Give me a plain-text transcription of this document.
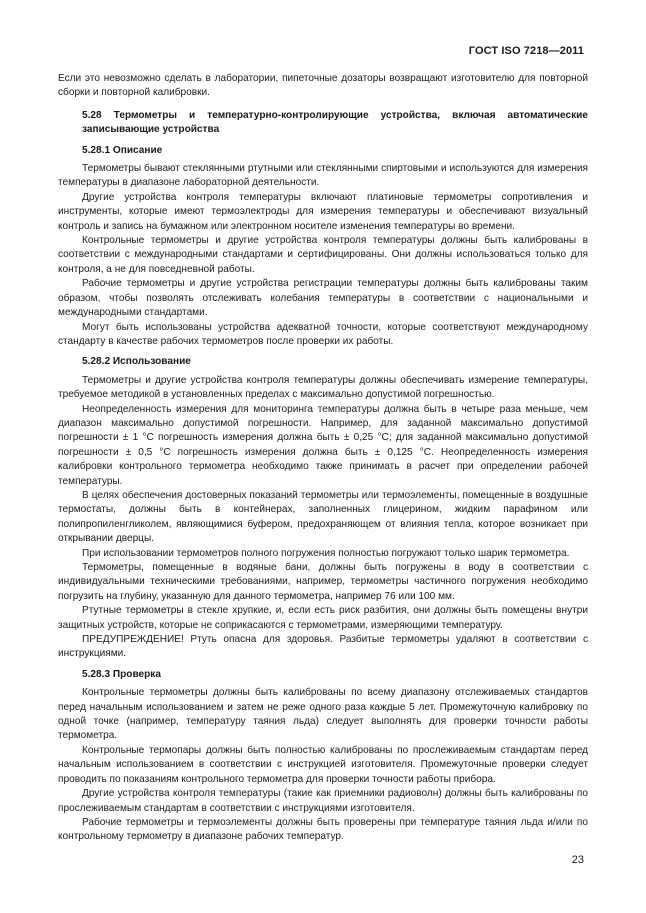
ГОСТ ISO 7218—2011

Если это невозможно сделать в лаборатории, пипеточные дозаторы возвращают изготовителю для повторной сборки и повторной калибровки.

5.28 Термометры и температурно-контролирующие устройства, включая автоматические записывающие устройства

5.28.1 Описание

Термометры бывают стеклянными ртутными или стеклянными спиртовыми и используются для измерения температуры в диапазоне лабораторной деятельности.

Другие устройства контроля температуры включают платиновые термометры сопротивления и инструменты, которые имеют термоэлектроды для измерения температуры и обеспечивают визуальный контроль и запись на бумажном или электронном носителе изменения температуры во времени.

Контрольные термометры и другие устройства контроля температуры должны быть калиброваны в соответствии с международными стандартами и сертифицированы. Они должны использоваться только для контроля, а не для повседневной работы.

Рабочие термометры и другие устройства регистрации температуры должны быть калиброваны таким образом, чтобы позволять отслеживать колебания температуры в соответствии с национальными и международными стандартами.

Могут быть использованы устройства адекватной точности, которые соответствуют международному стандарту в качестве рабочих термометров после проверки их работы.

5.28.2 Использование

Термометры и другие устройства контроля температуры должны обеспечивать измерение температуры, требуемое методикой в установленных пределах с максимально допустимой погрешностью.

Неопределенность измерения для мониторинга температуры должна быть в четыре раза меньше, чем диапазон максимально допустимой погрешности. Например, для заданной максимально допустимой погрешности ± 1 °С погрешность измерения должна быть ± 0,25 °С; для заданной максимально допустимой погрешности ± 0,5 °С погрешность измерения должна быть ± 0,125 °С. Неопределенность измерения калибровки контрольного термометра необходимо также принимать в расчет при определении рабочей температуры.

В целях обеспечения достоверных показаний термометры или термоэлементы, помещенные в воздушные термостаты, должны быть в контейнерах, заполненных глицерином, жидким парафином или полипропиленгликолем, являющимися буфером, предохраняющем от влияния тепла, которое возникает при открывании дверцы.

При использовании термометров полного погружения полностью погружают только шарик термометра.

Термометры, помещенные в водяные бани, должны быть погружены в воду в соответствии с индивидуальными техническими требованиями, например, термометры частичного погружения необходимо погрузить на глубину, указанную для данного термометра, например 76 или 100 мм.

Ртутные термометры в стекле хрупкие, и, если есть риск разбития, они должны быть помещены внутри защитных устройств, которые не соприкасаются с термометрами, измеряющими температуру.

ПРЕДУПРЕЖДЕНИЕ! Ртуть опасна для здоровья. Разбитые термометры удаляют в соответствии с инструкциями.

5.28.3 Проверка

Контрольные термометры должны быть калиброваны по всему диапазону отслеживаемых стандартов перед начальным использованием и затем не реже одного раза каждые 5 лет. Промежуточную калибровку по одной точке (например, температуру таяния льда) следует выполнять для проверки точности работы термометра.

Контрольные термопары должны быть полностью калиброваны по прослеживаемым стандартам перед начальным использованием в соответствии с инструкцией изготовителя. Промежуточные проверки следует проводить по показаниям контрольного термометра для проверки точности работы прибора.

Другие устройства контроля температуры (такие как приемники радиоволн) должны быть калиброваны по прослеживаемым стандартам в соответствии с инструкциями изготовителя.

Рабочие термометры и термоэлементы должны быть проверены при температуре таяния льда и/или по контрольному термометру в диапазоне рабочих температур.

23
